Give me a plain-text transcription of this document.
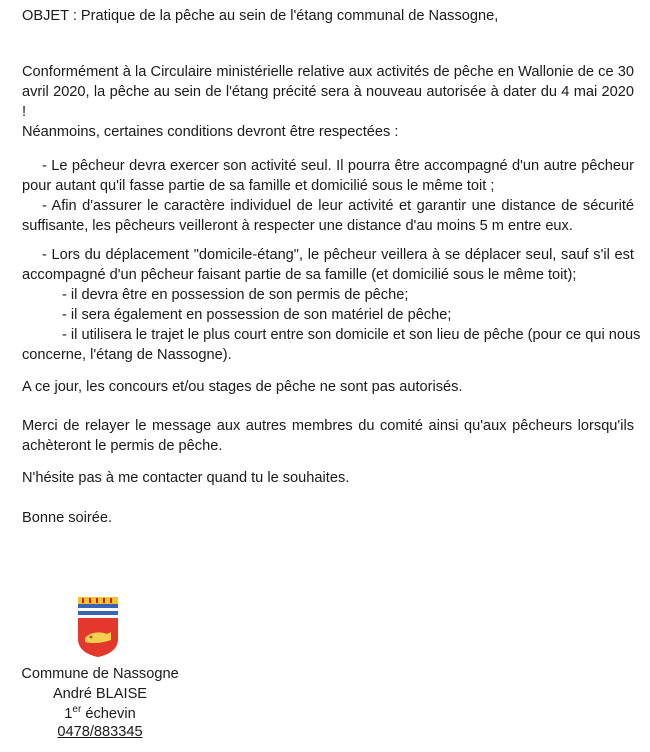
OBJET : Pratique de la pêche au sein de l'étang communal de Nassogne,

Conformément à la Circulaire ministérielle relative aux activités de pêche en Wallonie de ce 30 avril 2020, la pêche au sein de l'étang précité sera à nouveau autorisée à dater du 4 mai 2020 !

Néanmoins, certaines conditions devront être respectées :

- Le pêcheur devra exercer son activité seul. Il pourra être accompagné d'un autre pêcheur pour autant qu'il fasse partie de sa famille et domicilié sous le même toit ;

- Afin d'assurer le caractère individuel de leur activité et garantir une distance de sécurité suffisante, les pêcheurs veilleront à respecter une distance d'au moins 5 m entre eux.

- Lors du déplacement "domicile-étang", le pêcheur veillera à se déplacer seul, sauf s'il est accompagné d'un pêcheur faisant partie de sa famille (et domicilié sous le même toit);

- il devra être en possession de son permis de pêche;
- il sera également en possession de son matériel de pêche;
- il utilisera le trajet le plus court entre son domicile et son lieu de pêche (pour ce qui nous
concerne, l'étang de Nassogne).

A ce jour, les concours et/ou stages de pêche ne sont pas autorisés.

Merci de relayer le message aux autres membres du comité ainsi qu'aux pêcheurs lorsqu'ils achèteront le permis de pêche.

N'hésite pas à me contacter quand tu le souhaites.

Bonne soirée.

Commune de Nassogne
André BLAISE
1er échevin
0478/883345
